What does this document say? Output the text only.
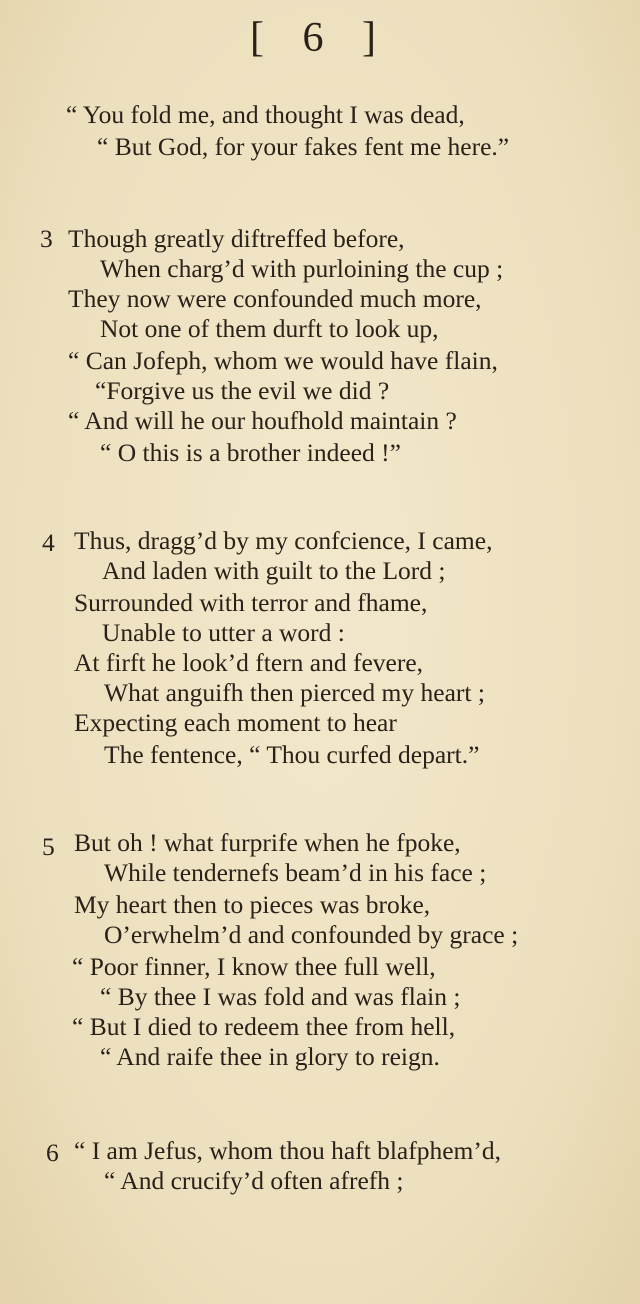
[ 6 ]
“ You fold me, and thought I was dead,
“ But God, for your fakes fent me here.”
3 Though greatly diftreffed before,
When charg’d with purloining the cup ;
They now were confounded much more,
Not one of them durft to look up,
“ Can Jofeph, whom we would have flain,
“Forgive us the evil we did ?
“ And will he our houfhold maintain ?
“ O this is a brother indeed !”
4 Thus, dragg’d by my confcience, I came,
And laden with guilt to the Lord ;
Surrounded with terror and fhame,
Unable to utter a word :
At firft he look’d ftern and fevere,
What anguifh then pierced my heart ;
Expecting each moment to hear
The fentence, “ Thou curfed depart.”
5 But oh ! what furprife when he fpoke,
While tendernefs beam’d in his face ;
My heart then to pieces was broke,
O’erwhelm’d and confounded by grace ;
“ Poor finner, I know thee full well,
“ By thee I was fold and was flain ;
“ But I died to redeem thee from hell,
“ And raife thee in glory to reign.
6 “ I am Jefus, whom thou haft blafphem’d,
“ And crucify’d often afrefh ;
